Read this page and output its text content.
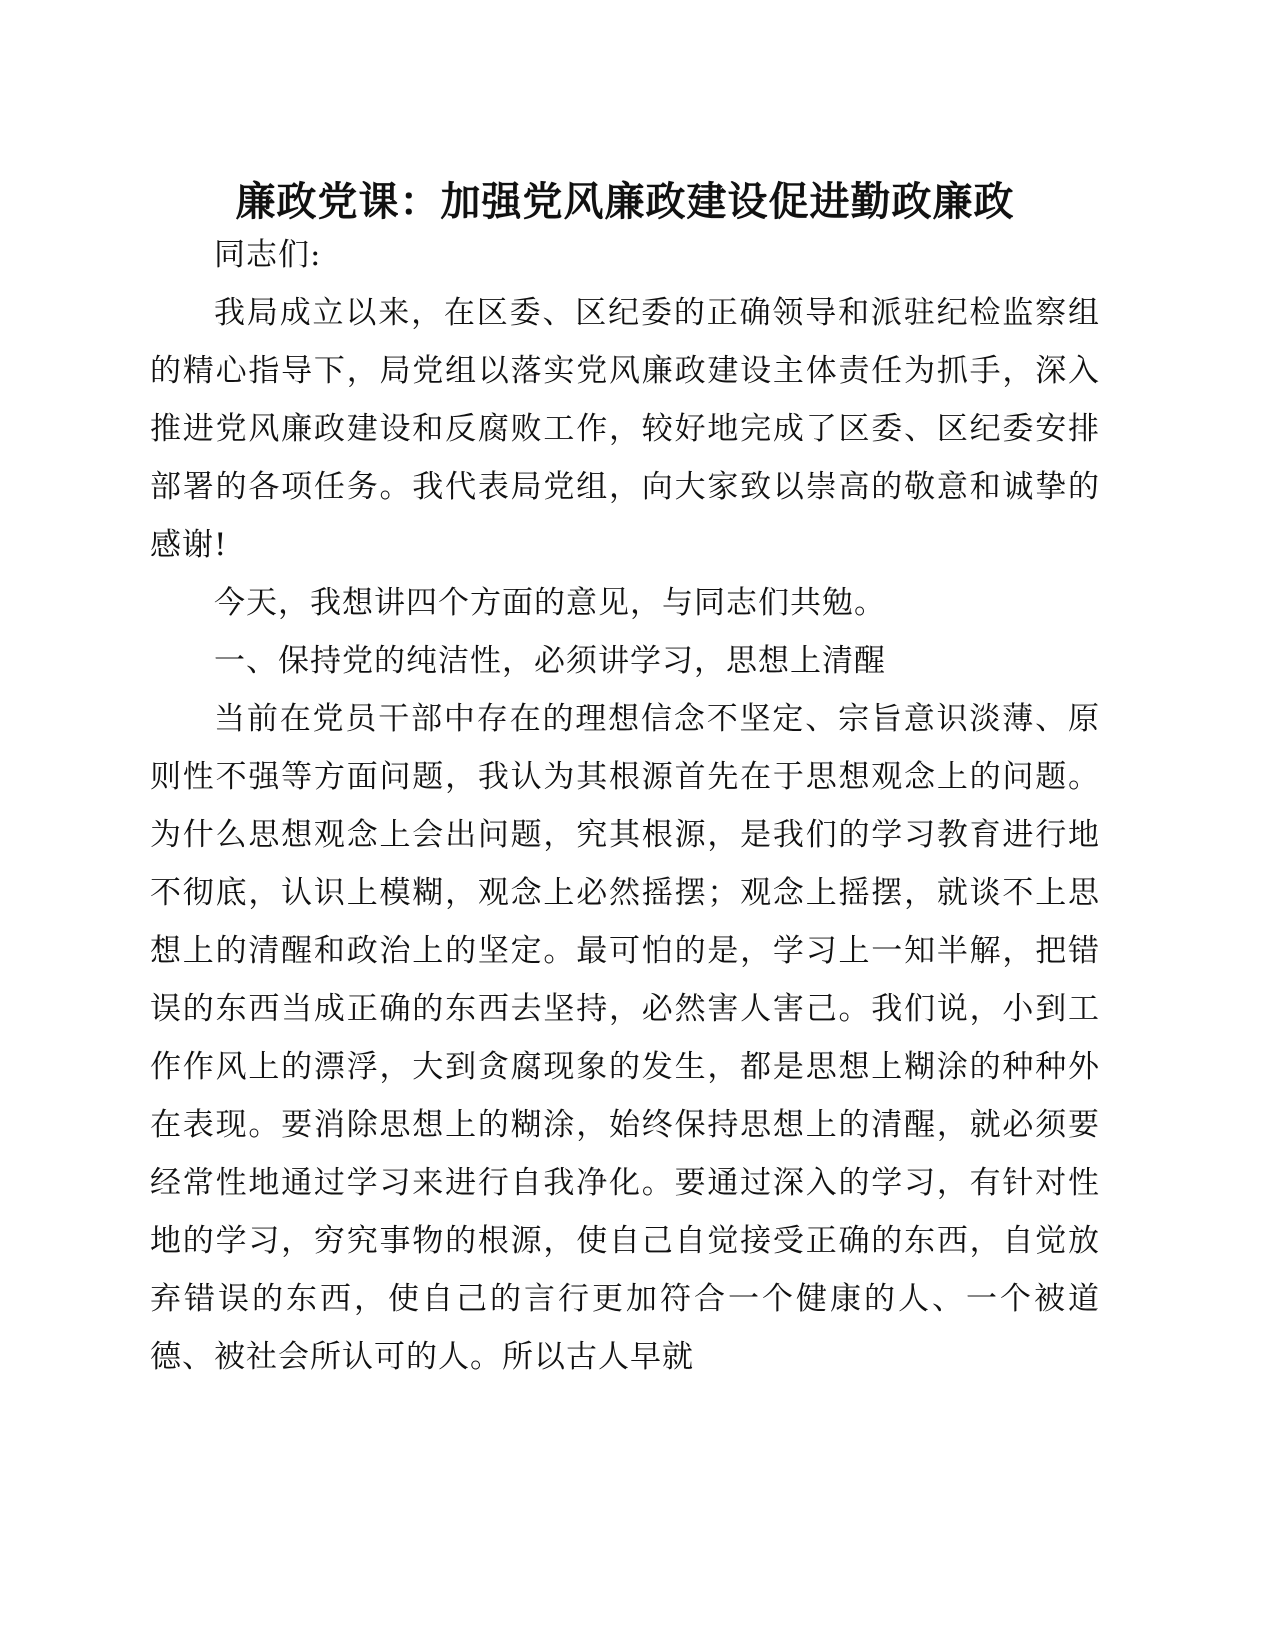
廉政党课：加强党风廉政建设促进勤政廉政

同志们:

我局成立以来，在区委、区纪委的正确领导和派驻纪检监察组的精心指导下，局党组以落实党风廉政建设主体责任为抓手，深入推进党风廉政建设和反腐败工作，较好地完成了区委、区纪委安排部署的各项任务。我代表局党组，向大家致以崇高的敬意和诚挚的感谢!

今天，我想讲四个方面的意见，与同志们共勉。

一、保持党的纯洁性，必须讲学习，思想上清醒

当前在党员干部中存在的理想信念不坚定、宗旨意识淡薄、原则性不强等方面问题，我认为其根源首先在于思想观念上的问题。为什么思想观念上会出问题，究其根源，是我们的学习教育进行地不彻底，认识上模糊，观念上必然摇摆；观念上摇摆，就谈不上思想上的清醒和政治上的坚定。最可怕的是，学习上一知半解，把错误的东西当成正确的东西去坚持，必然害人害己。我们说，小到工作作风上的漂浮，大到贪腐现象的发生，都是思想上糊涂的种种外在表现。要消除思想上的糊涂，始终保持思想上的清醒，就必须要经常性地通过学习来进行自我净化。要通过深入的学习，有针对性地的学习，穷究事物的根源，使自己自觉接受正确的东西，自觉放弃错误的东西，使自己的言行更加符合一个健康的人、一个被道德、被社会所认可的人。所以古人早就
